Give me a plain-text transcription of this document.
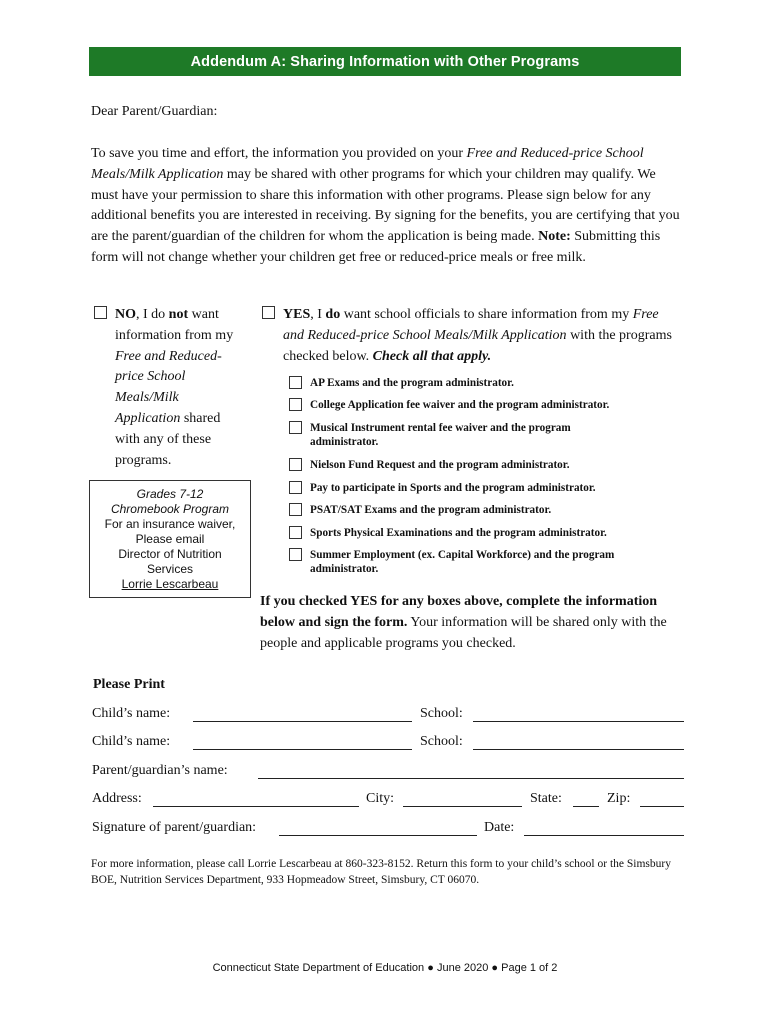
Addendum A: Sharing Information with Other Programs
Dear Parent/Guardian:
To save you time and effort, the information you provided on your Free and Reduced-price School Meals/Milk Application may be shared with other programs for which your children may qualify. We must have your permission to share this information with other programs. Please sign below for any additional benefits you are interested in receiving. By signing for the benefits, you are certifying that you are the parent/guardian of the children for whom the application is being made. Note: Submitting this form will not change whether your children get free or reduced-price meals or free milk.
NO, I do not want information from my Free and Reduced-price School Meals/Milk Application shared with any of these programs.
YES, I do want school officials to share information from my Free and Reduced-price School Meals/Milk Application with the programs checked below. Check all that apply.
AP Exams and the program administrator.
College Application fee waiver and the program administrator.
Musical Instrument rental fee waiver and the program administrator.
Nielson Fund Request and the program administrator.
Pay to participate in Sports and the program administrator.
PSAT/SAT Exams and the program administrator.
Sports Physical Examinations and the program administrator.
Summer Employment (ex. Capital Workforce) and the program administrator.
Grades 7-12
Chromebook Program
For an insurance waiver,
Please email
Director of Nutrition
Services
Lorrie Lescarbeau
If you checked YES for any boxes above, complete the information below and sign the form. Your information will be shared only with the people and applicable programs you checked.
Please Print
Child’s name:	School:
Child’s name:	School:
Parent/guardian’s name:
Address:	City:	State:	Zip:
Signature of parent/guardian:	Date:
For more information, please call Lorrie Lescarbeau at 860-323-8152. Return this form to your child’s school or the Simsbury BOE, Nutrition Services Department, 933 Hopmeadow Street, Simsbury, CT 06070.
Connecticut State Department of Education ● June 2020 ● Page 1 of 2
